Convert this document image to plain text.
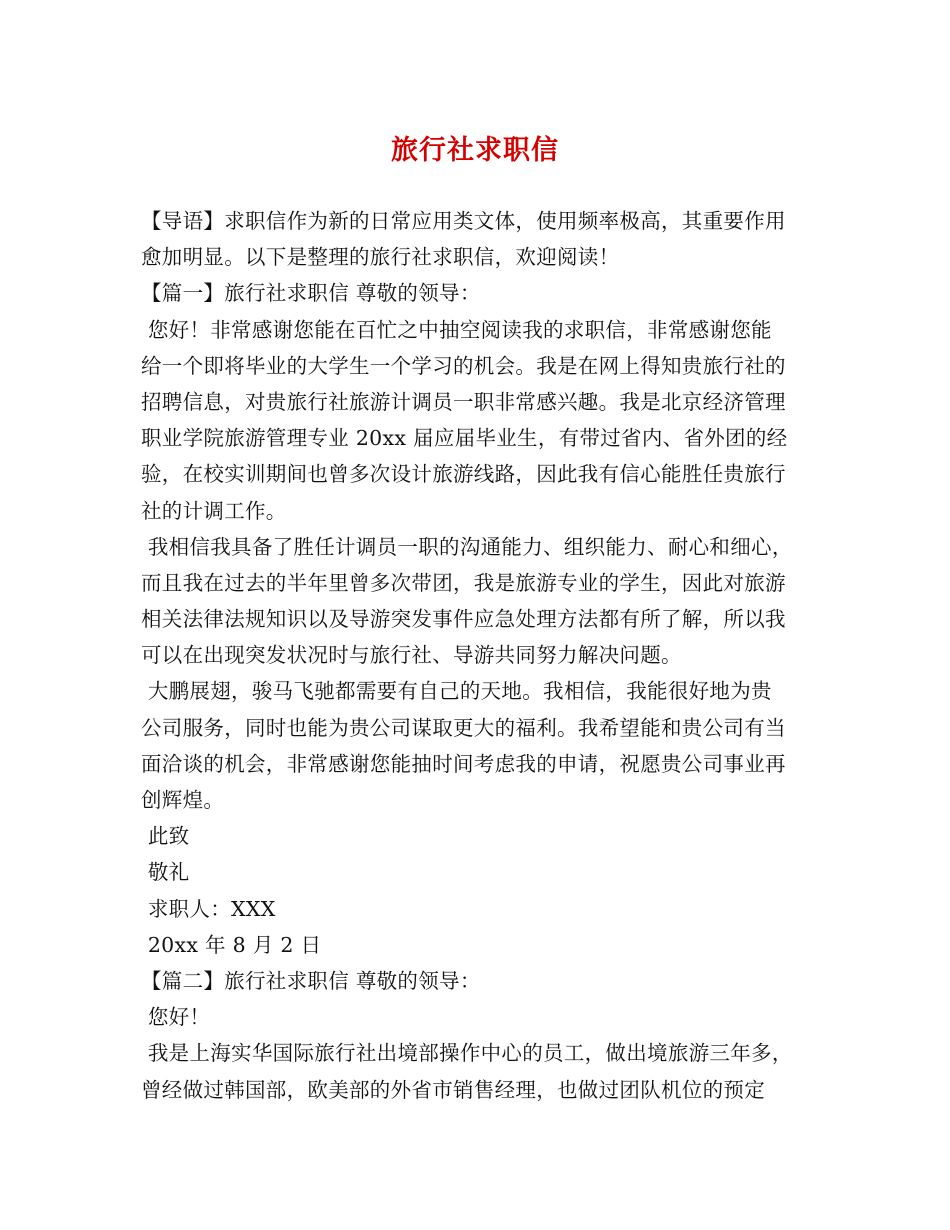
旅行社求职信
【导语】求职信作为新的日常应用类文体，使用频率极高，其重要作用
愈加明显。以下是整理的旅行社求职信，欢迎阅读！
【篇一】旅行社求职信 尊敬的领导：
您好！非常感谢您能在百忙之中抽空阅读我的求职信，非常感谢您能
给一个即将毕业的大学生一个学习的机会。我是在网上得知贵旅行社的
招聘信息，对贵旅行社旅游计调员一职非常感兴趣。我是北京经济管理
职业学院旅游管理专业 20xx 届应届毕业生，有带过省内、省外团的经
验，在校实训期间也曾多次设计旅游线路，因此我有信心能胜任贵旅行
社的计调工作。
我相信我具备了胜任计调员一职的沟通能力、组织能力、耐心和细心，
而且我在过去的半年里曾多次带团，我是旅游专业的学生，因此对旅游
相关法律法规知识以及导游突发事件应急处理方法都有所了解，所以我
可以在出现突发状况时与旅行社、导游共同努力解决问题。
大鹏展翅，骏马飞驰都需要有自己的天地。我相信，我能很好地为贵
公司服务，同时也能为贵公司谋取更大的福利。我希望能和贵公司有当
面洽谈的机会，非常感谢您能抽时间考虑我的申请，祝愿贵公司事业再
创辉煌。
此致
敬礼
求职人：XXX
20xx 年 8 月 2 日
【篇二】旅行社求职信 尊敬的领导：
您好！
我是上海实华国际旅行社出境部操作中心的员工，做出境旅游三年多，
曾经做过韩国部，欧美部的外省市销售经理，也做过团队机位的预定
